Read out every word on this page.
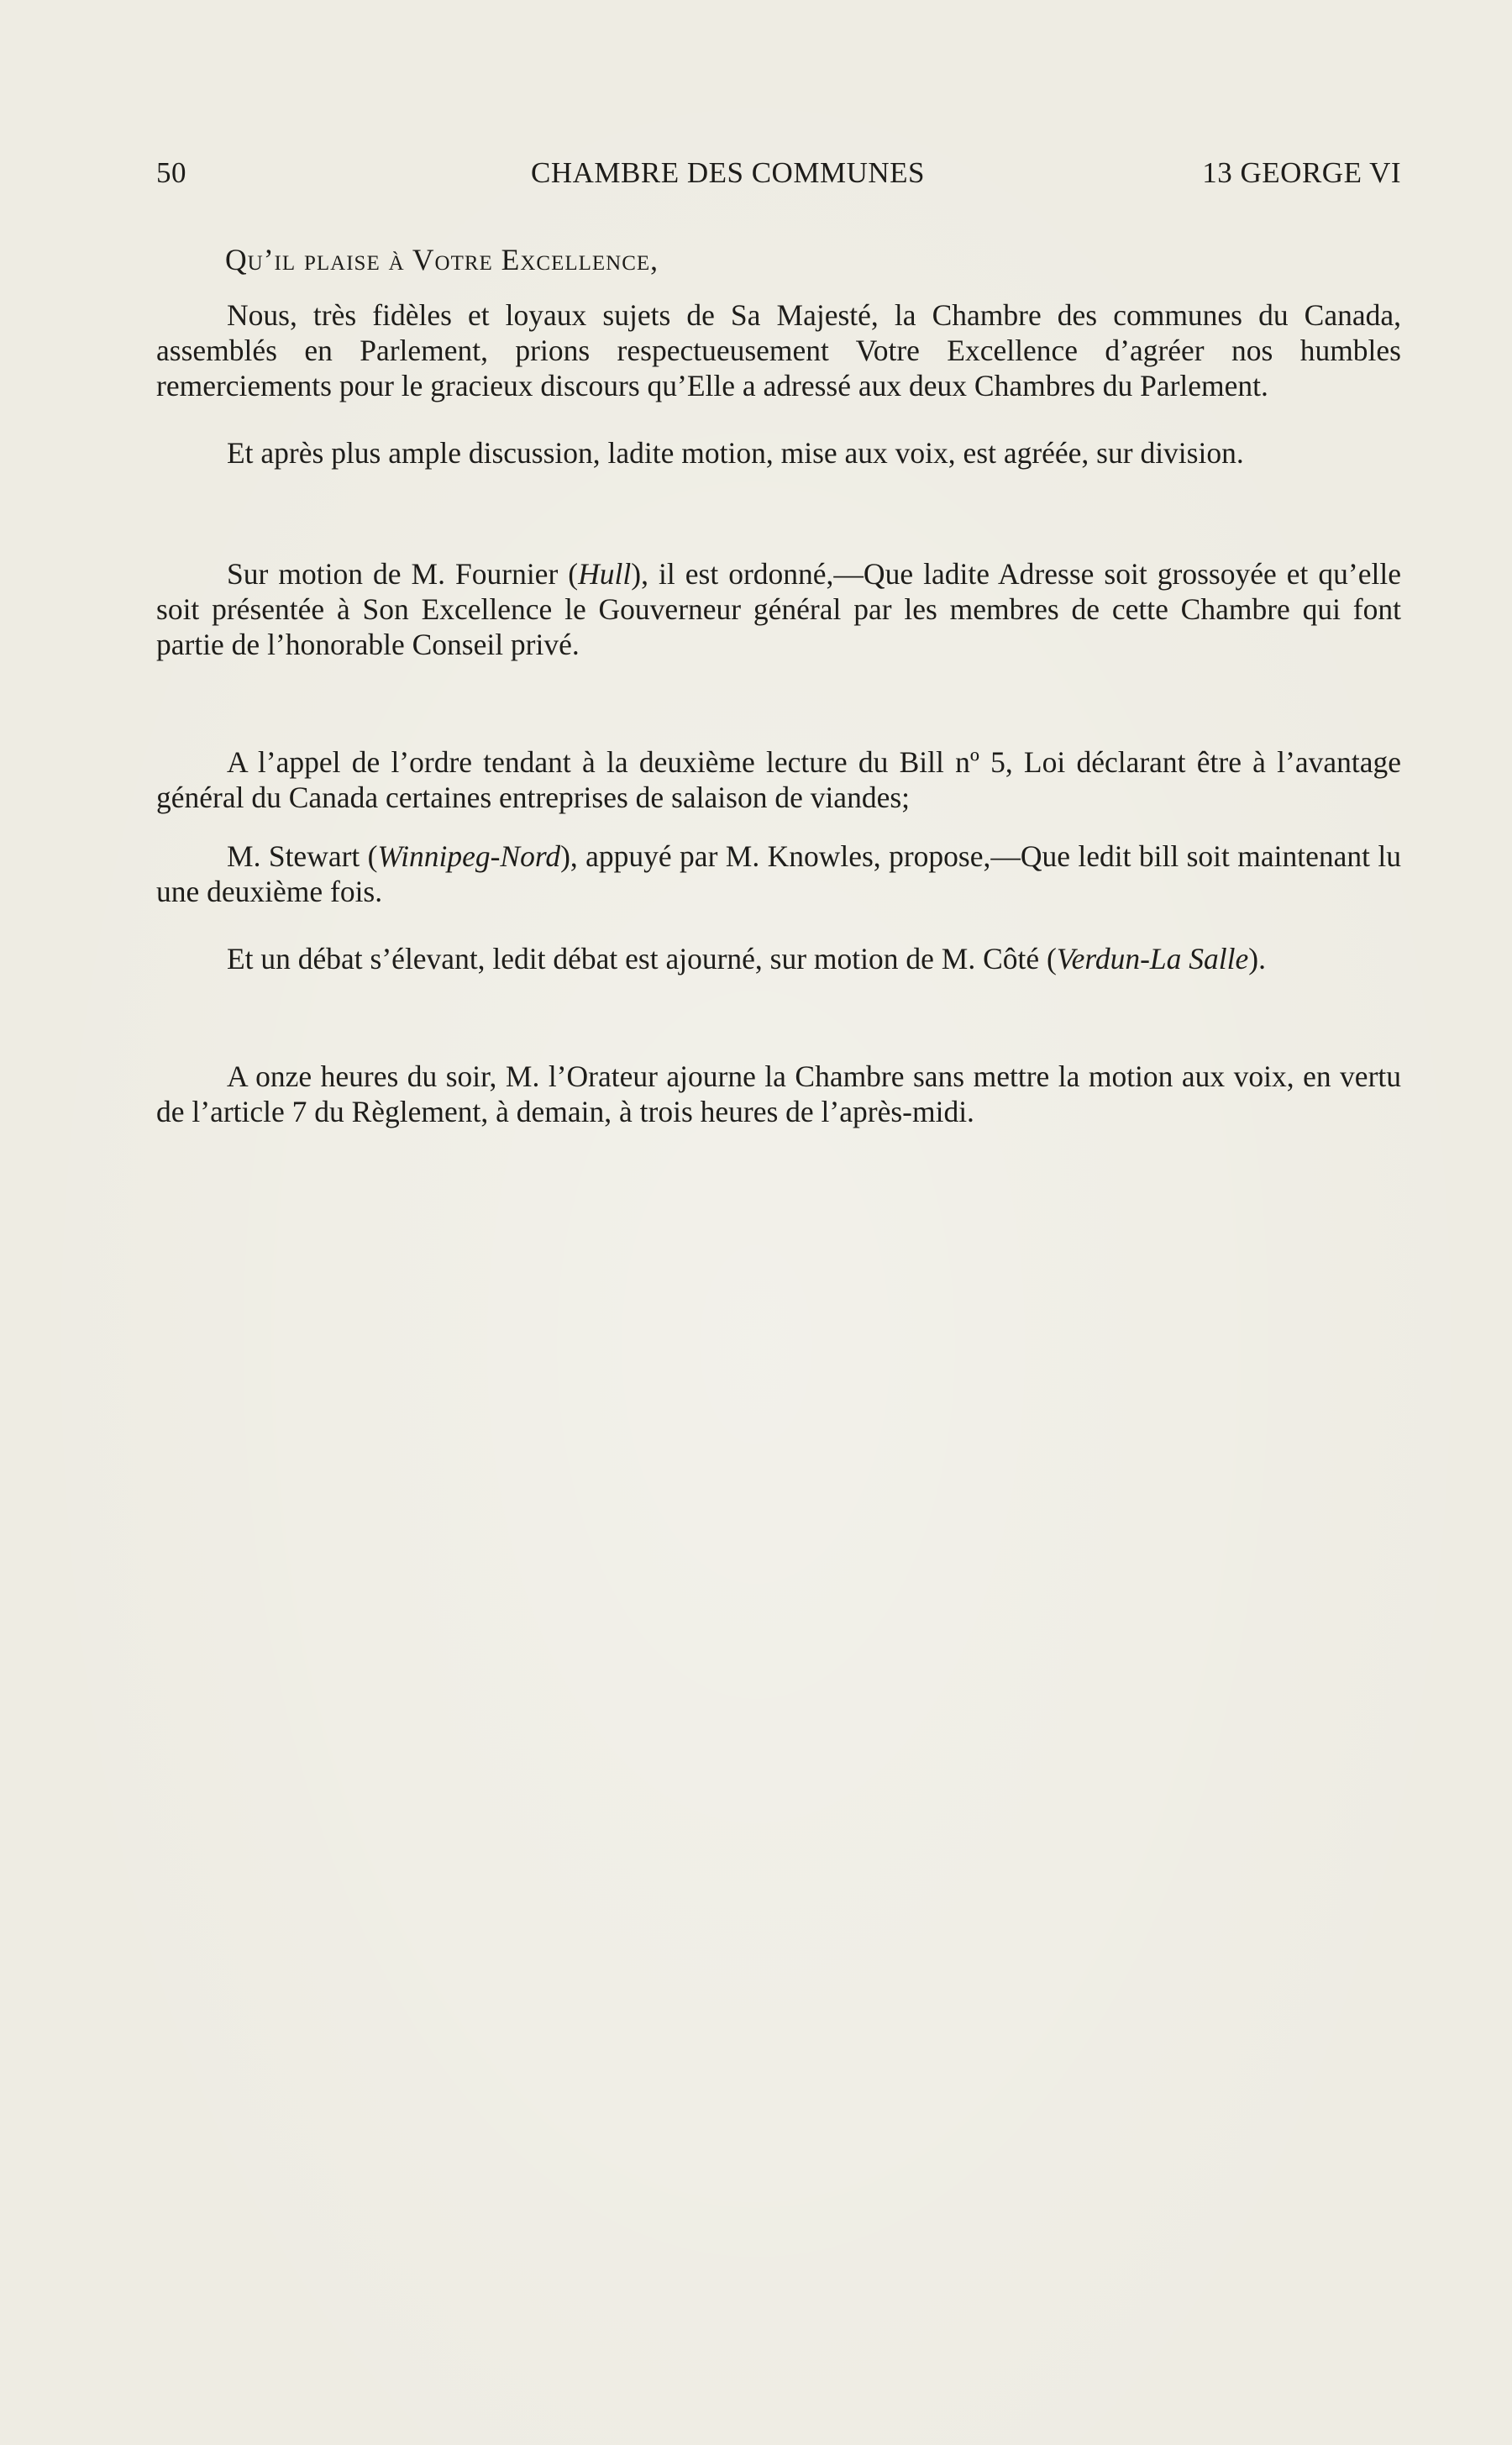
50	CHAMBRE DES COMMUNES	13 GEORGE VI
Qu’il plaise à Votre Excellence,

Nous, très fidèles et loyaux sujets de Sa Majesté, la Chambre des communes du Canada, assemblés en Parlement, prions respectueusement Votre Excellence d’agréer nos humbles remerciements pour le gracieux discours qu’Elle a adressé aux deux Chambres du Parlement.

Et après plus ample discussion, ladite motion, mise aux voix, est agréée, sur division.

Sur motion de M. Fournier (Hull), il est ordonné,—Que ladite Adresse soit grossoyée et qu’elle soit présentée à Son Excellence le Gouverneur général par les membres de cette Chambre qui font partie de l’honorable Conseil privé.

A l’appel de l’ordre tendant à la deuxième lecture du Bill nº 5, Loi déclarant être à l’avantage général du Canada certaines entreprises de salaison de viandes;

M. Stewart (Winnipeg-Nord), appuyé par M. Knowles, propose,—Que ledit bill soit maintenant lu une deuxième fois.

Et un débat s’élevant, ledit débat est ajourné, sur motion de M. Côté (Verdun-La Salle).

A onze heures du soir, M. l’Orateur ajourne la Chambre sans mettre la motion aux voix, en vertu de l’article 7 du Règlement, à demain, à trois heures de l’après-midi.
